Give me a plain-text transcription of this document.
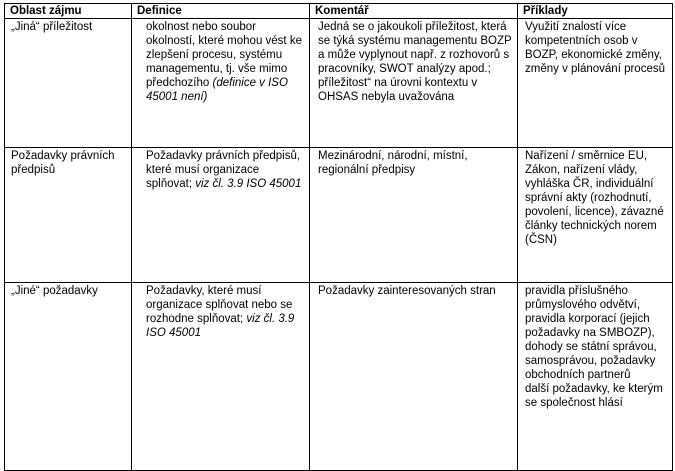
Oblast zájmu	Definice	Komentář	Příklady
„Jiná“ příležitost	okolnost nebo soubor okolností, které mohou vést ke zlepšení procesu, systému managementu, tj. vše mimo předchozího (definice v ISO 45001 není)	Jedná se o jakoukoli příležitost, která se týká systému managementu BOZP a může vyplynout např. z rozhovorů s pracovníky, SWOT analýzy apod.; příležitost“ na úrovni kontextu v OHSAS nebyla uvažována	Využití znalostí více kompetentních osob v BOZP, ekonomické změny, změny v plánování procesů

Požadavky právních předpisů	Požadavky právních předpisů, které musí organizace splňovat; viz čl. 3.9 ISO 45001	Mezinárodní, národní, místní, regionální předpisy	Nařízení / směrnice EU, Zákon, nařízení vlády, vyhláška ČR, individuální správní akty (rozhodnutí, povolení, licence), závazné články technických norem (ČSN)

„Jiné“ požadavky	Požadavky, které musí organizace splňovat nebo se rozhodne splňovat; viz čl. 3.9 ISO 45001	Požadavky zainteresovaných stran	pravidla příslušného průmyslového odvětví,
pravidla korporací (jejich požadavky na SMBOZP), dohody se státní správou, samosprávou, požadavky obchodních partnerů
další požadavky, ke kterým se společnost hlásí
